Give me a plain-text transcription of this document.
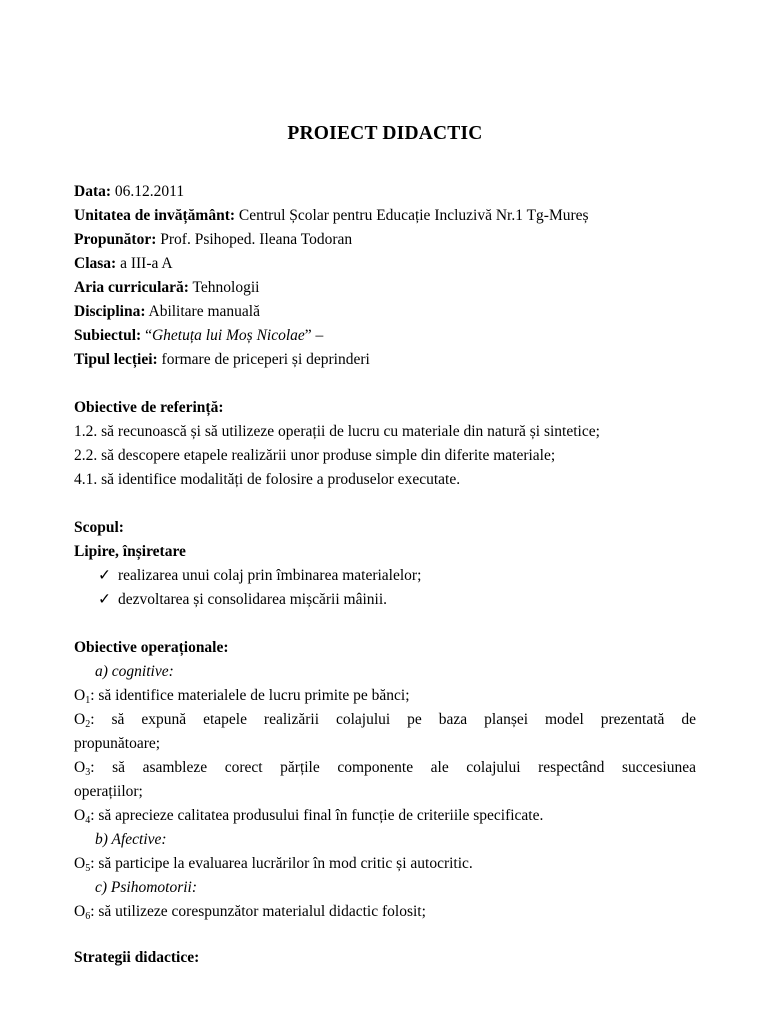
PROIECT DIDACTIC
Data: 06.12.2011
Unitatea de invățământ: Centrul Școlar pentru Educație Incluzivă Nr.1 Tg-Mureș
Propunător: Prof. Psihoped. Ileana Todoran
Clasa: a III-a A
Aria curriculară: Tehnologii
Disciplina: Abilitare manuală
Subiectul: “Ghetuța lui Moș Nicolae” –
Tipul lecției: formare de priceperi și deprinderi
Obiective de referință:
1.2. să recunoască și să utilizeze operații de lucru cu materiale din natură și sintetice;
2.2. să descopere etapele realizării unor produse simple din diferite materiale;
4.1. să identifice modalități de folosire a produselor executate.
Scopul:
Lipire, înșiretare
✓ realizarea unui colaj prin îmbinarea materialelor;
✓ dezvoltarea și consolidarea mișcării mâinii.
Obiective operaționale:
a) cognitive:
$O_1$: să identifice materialele de lucru primite pe bănci;
$O_2$: să expună etapele realizării colajului pe baza planșei model prezentată de
propunătoare;
$O_3$: să asambleze corect părțile componente ale colajului respectând succesiunea
operațiilor;
$O_4$: să aprecieze calitatea produsului final în funcție de criteriile specificate.
b) Afective:
$O_5$: să participe la evaluarea lucrărilor în mod critic și autocritic.
c) Psihomotorii:
$O_6$: să utilizeze corespunzător materialul didactic folosit;
Strategii didactice:
